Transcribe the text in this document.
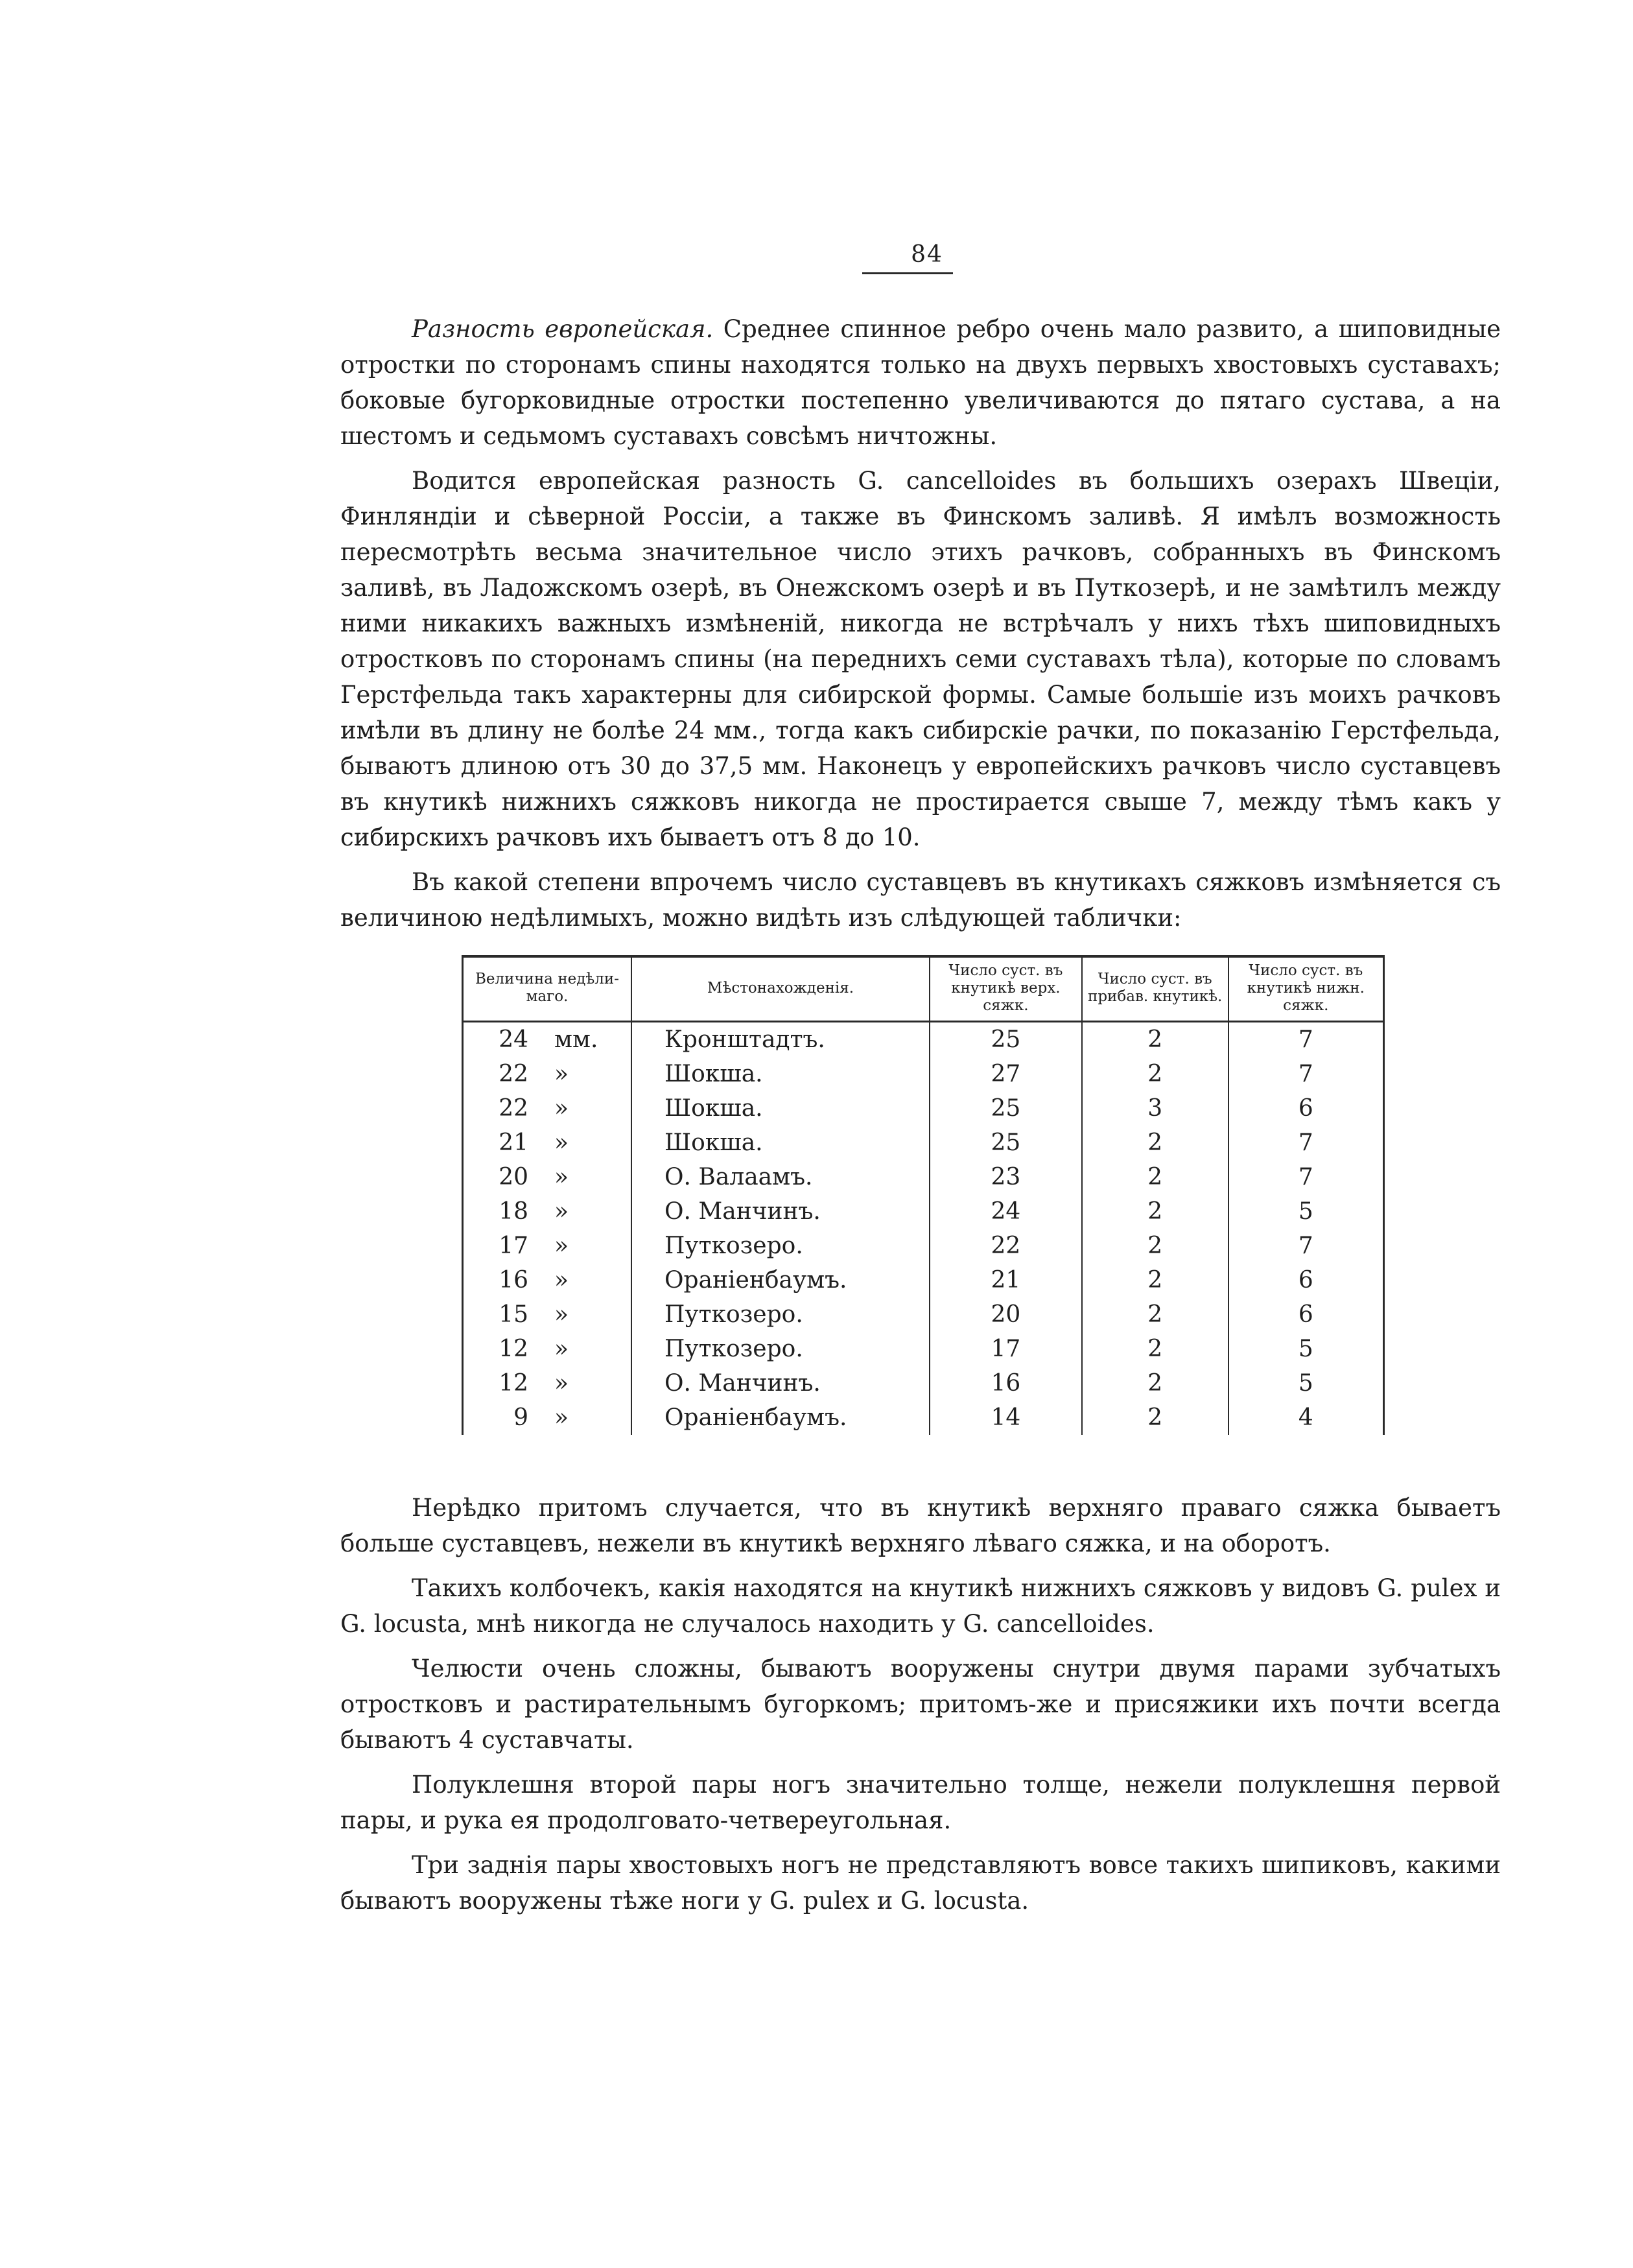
84

Разность европейская. Среднее спинное ребро очень мало развито, а шиповидные отростки по сторонамъ спины находятся только на двухъ первыхъ хвостовыхъ суставахъ; боковые бугорковидные отростки постепенно увеличиваются до пятаго сустава, а на шестомъ и седьмомъ суставахъ совсѣмъ ничтожны.

Водится европейская разность G. cancelloides въ большихъ озерахъ Швеціи, Финляндіи и сѣверной Россіи, а также въ Финскомъ заливѣ. Я имѣлъ возможность пересмотрѣть весьма значительное число этихъ рачковъ, собранныхъ въ Финскомъ заливѣ, въ Ладожскомъ озерѣ, въ Онежскомъ озерѣ и въ Путкозерѣ, и не замѣтилъ между ними никакихъ важныхъ измѣненій, никогда не встрѣчалъ у нихъ тѣхъ шиповидныхъ отростковъ по сторонамъ спины (на переднихъ семи суставахъ тѣла), которые по словамъ Герстфельда такъ характерны для сибирской формы. Самые большіе изъ моихъ рачковъ имѣли въ длину не болѣе 24 мм., тогда какъ сибирскіе рачки, по показанію Герстфельда, бываютъ длиною отъ 30 до 37,5 мм. Наконецъ у европейскихъ рачковъ число суставцевъ въ кнутикѣ нижнихъ сяжковъ никогда не простирается свыше 7, между тѣмъ какъ у сибирскихъ рачковъ ихъ бываетъ отъ 8 до 10.

Въ какой степени впрочемъ число суставцевъ въ кнутикахъ сяжковъ измѣняется съ величиною недѣлимыхъ, можно видѣть изъ слѣдующей таблички:

Величина недѣли- маго.	Мѣстонахожденія.	Число суст. въ кнутикѣ верх. сяжк.	Число суст. въ прибав. кнутикѣ.	Число суст. въ кнутикѣ нижн. сяжк.
24 мм.	Кронштадтъ.	25	2	7
22 »	Шокша.	27	2	7
22 »	Шокша.	25	3	6
21 »	Шокша.	25	2	7
20 »	О. Валаамъ.	23	2	7
18 »	О. Манчинъ.	24	2	5
17 »	Путкозеро.	22	2	7
16 »	Ораніенбаумъ.	21	2	6
15 »	Путкозеро.	20	2	6
12 »	Путкозеро.	17	2	5
12 »	О. Манчинъ.	16	2	5
9 »	Ораніенбаумъ.	14	2	4

Нерѣдко притомъ случается, что въ кнутикѣ верхняго праваго сяжка бываетъ больше суставцевъ, нежели въ кнутикѣ верхняго лѣваго сяжка, и на оборотъ.

Такихъ колбочекъ, какія находятся на кнутикѣ нижнихъ сяжковъ у видовъ G. pulex и G. locusta, мнѣ никогда не случалось находить у G. cancelloides.

Челюсти очень сложны, бываютъ вооружены снутри двумя парами зубчатыхъ отростковъ и растирательнымъ бугоркомъ; притомъ-же и присяжики ихъ почти всегда бываютъ 4 суставчаты.

Полуклешня второй пары ногъ значительно толще, нежели полуклешня первой пары, и рука ея продолговато-четвереугольная.

Три заднія пары хвостовыхъ ногъ не представляютъ вовсе такихъ шипиковъ, какими бываютъ вооружены тѣже ноги у G. pulex и G. locusta.
